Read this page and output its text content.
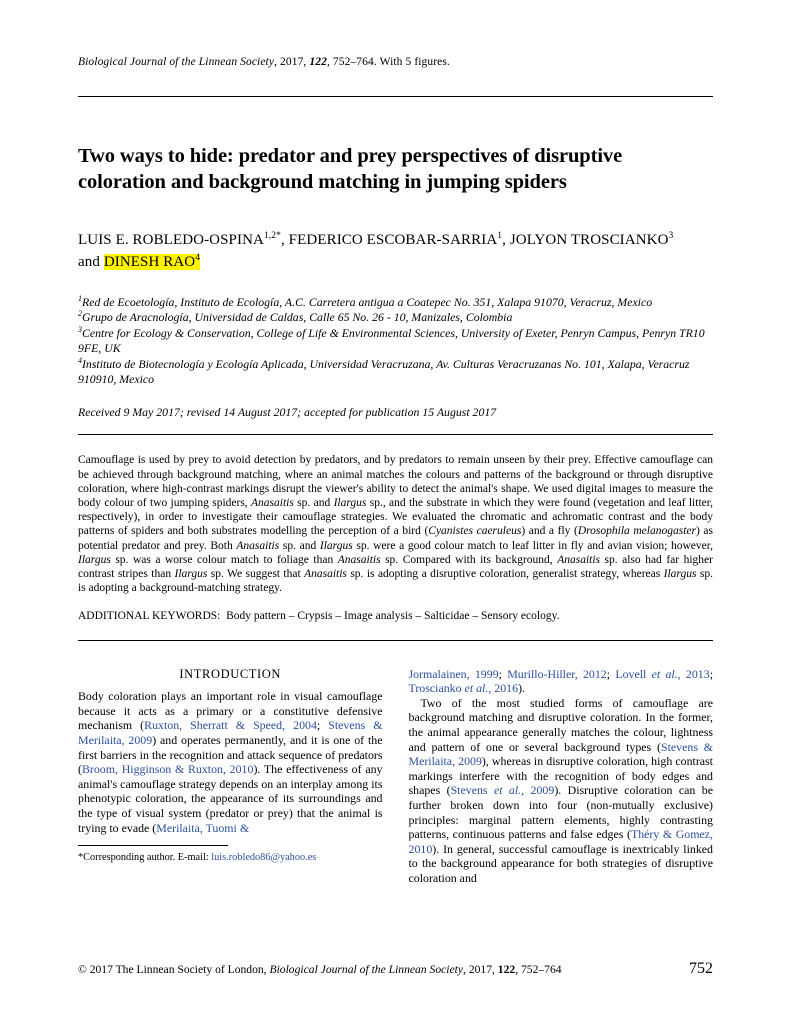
Biological Journal of the Linnean Society, 2017, 122, 752–764. With 5 figures.
Two ways to hide: predator and prey perspectives of disruptive coloration and background matching in jumping spiders
LUIS E. ROBLEDO-$OSPINA^{1,2*}$, FEDERICO ESCOBAR-SARRIA$^1$, JOLYON TROSCIANKO$^3$
and DINESH RAO$^4$
$^1$Red de Ecoetología, Instituto de Ecología, A.C. Carretera antigua a Coatepec No. 351, Xalapa 91070, Veracruz, Mexico
$^2$Grupo de Aracnología, Universidad de Caldas, Calle 65 No. 26 - 10, Manizales, Colombia
$^3$Centre for Ecology & Conservation, College of Life & Environmental Sciences, University of Exeter, Penryn Campus, Penryn TR10 9FE, UK
$^4$Instituto de Biotecnología y Ecología Aplicada, Universidad Veracruzana, Av. Culturas Veracruzanas No. 101, Xalapa, Veracruz 910910, Mexico
Received 9 May 2017; revised 14 August 2017; accepted for publication 15 August 2017
Camouflage is used by prey to avoid detection by predators, and by predators to remain unseen by their prey. Effective camouflage can be achieved through background matching, where an animal matches the colours and patterns of the background or through disruptive coloration, where high-contrast markings disrupt the viewer's ability to detect the animal's shape. We used digital images to measure the body colour of two jumping spiders, Anasaitis sp. and Ilargus sp., and the substrate in which they were found (vegetation and leaf litter, respectively), in order to investigate their camouflage strategies. We evaluated the chromatic and achromatic contrast and the body patterns of spiders and both substrates modelling the perception of a bird (Cyanistes caeruleus) and a fly (Drosophila melanogaster) as potential predator and prey. Both Anasaitis sp. and Ilargus sp. were a good colour match to leaf litter in fly and avian vision; however, Ilargus sp. was a worse colour match to foliage than Anasaitis sp. Compared with its background, Anasaitis sp. also had far higher contrast stripes than Ilargus sp. We suggest that Anasaitis sp. is adopting a disruptive coloration, generalist strategy, whereas Ilargus sp. is adopting a background-matching strategy.
ADDITIONAL KEYWORDS: Body pattern – Crypsis – Image analysis – Salticidae – Sensory ecology.
INTRODUCTION

Body coloration plays an important role in visual camouflage because it acts as a primary or a constitutive defensive mechanism (Ruxton, Sherratt & Speed, 2004; Stevens & Merilaita, 2009) and operates permanently, and it is one of the first barriers in the recognition and attack sequence of predators (Broom, Higginson & Ruxton, 2010). The effectiveness of any animal's camouflage strategy depends on an interplay among its phenotypic coloration, the appearance of its surroundings and the type of visual system (predator or prey) that the animal is trying to evade (Merilaita, Tuomi &

*Corresponding author. E-mail: luis.robledo86@yahoo.es

Jormalainen, 1999; Murillo-Hiller, 2012; Lovell et al., 2013; Troscianko et al., 2016).

Two of the most studied forms of camouflage are background matching and disruptive coloration. In the former, the animal appearance generally matches the colour, lightness and pattern of one or several background types (Stevens & Merilaita, 2009), whereas in disruptive coloration, high contrast markings interfere with the recognition of body edges and shapes (Stevens et al., 2009). Disruptive coloration can be further broken down into four (non-mutually exclusive) principles: marginal pattern elements, highly contrasting patterns, continuous patterns and false edges (Théry & Gomez, 2010). In general, successful camouflage is inextricably linked to the background appearance for both strategies of disruptive coloration and

© 2017 The Linnean Society of London, Biological Journal of the Linnean Society, 2017, 122, 752–764	752
